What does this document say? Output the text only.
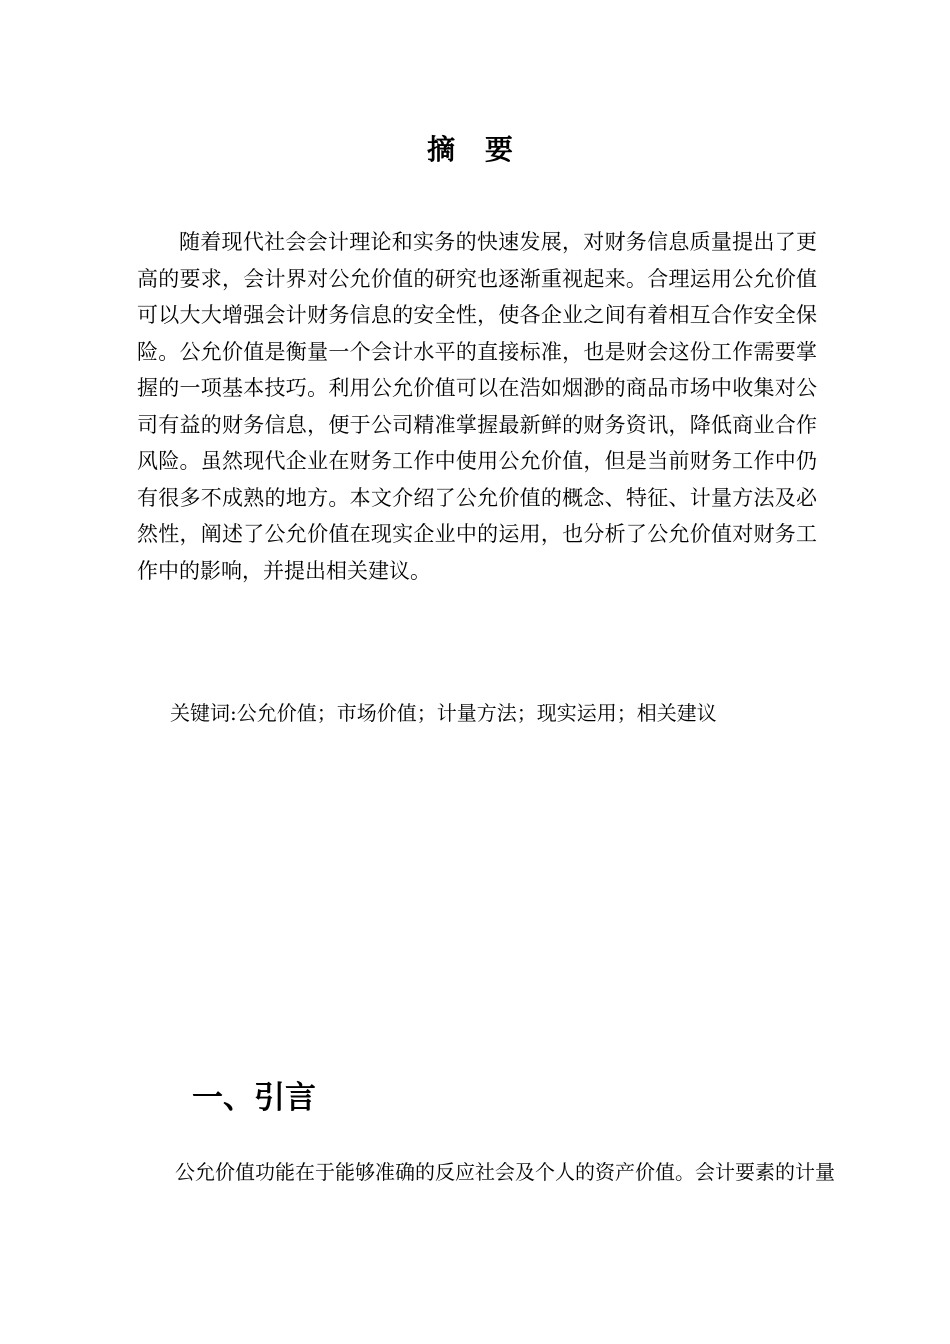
摘 要

随着现代社会会计理论和实务的快速发展，对财务信息质量提出了更高的要求，会计界对公允价值的研究也逐渐重视起来。合理运用公允价值可以大大增强会计财务信息的安全性，使各企业之间有着相互合作安全保险。公允价值是衡量一个会计水平的直接标准，也是财会这份工作需要掌握的一项基本技巧。利用公允价值可以在浩如烟渺的商品市场中收集对公司有益的财务信息，便于公司精准掌握最新鲜的财务资讯，降低商业合作风险。虽然现代企业在财务工作中使用公允价值，但是当前财务工作中仍有很多不成熟的地方。本文介绍了公允价值的概念、特征、计量方法及必然性，阐述了公允价值在现实企业中的运用，也分析了公允价值对财务工作中的影响，并提出相关建议。

关键词:公允价值；市场价值；计量方法；现实运用；相关建议
一、引言

公允价值功能在于能够准确的反应社会及个人的资产价值。会计要素的计量
